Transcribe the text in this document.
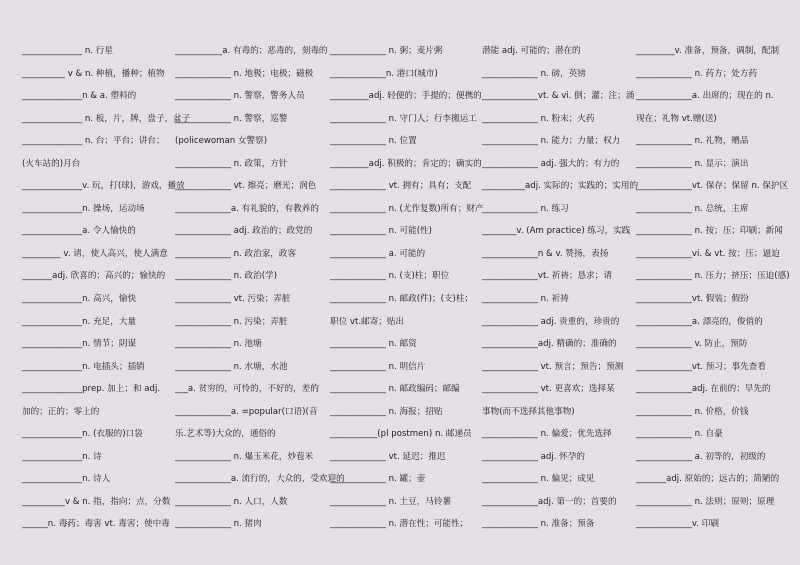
______________ n. 行星
__________ v & n. 种植，播种；植物
______________n & a. 塑料的
______________ n. 板，片，牌，盘子，盆子
______________ n. 台；平台；讲台；
(火车站的)月台
______________v. 玩，打(球)，游戏，播放
______________n. 操场，运动场
______________a. 令人愉快的
_________ v. 请，使人高兴，使人满意
_______adj. 欣喜的；高兴的；愉快的
______________n. 高兴，愉快
______________n. 充足，大量
______________n. 情节；阴谋
______________n. 电插头；插销
______________prep. 加上；和 adj.
加的；正的；零上的
______________n. (衣服的)口袋
______________n. 诗
______________n. 诗人
__________v & n. 指，指向；点，分数
______n. 毒药；毒害 vt. 毒害；使中毒
___________a. 有毒的；恶毒的，刻毒的
_____________ n. 地极；电极；磁极
_____________ n. 警察，警务人员
_____________ n. 警察，巡警
(policewoman 女警察)
_____________ n. 政策，方针
_____________ vt. 擦亮；磨光；润色
_____________a. 有礼貌的，有教养的
_____________ adj. 政治的；政党的
_____________ n. 政治家，政客
_____________ n. 政治(学)
_____________ vt. 污染；弄脏
_____________ n. 污染；弄脏
_____________ n. 池塘
_____________ n. 水塘，水池
___a. 贫穷的，可怜的，不好的，差的
_____________a. =popular(口语)(音
乐.艺术等)大众的，通俗的
_____________ n. 爆玉米花，炒苞米
_____________a. 流行的，大众的，受欢迎的
_____________ n. 人口，人数
_____________ n. 猪肉
_____________ n. 粥；麦片粥
_____________n. 港口(城市)
_________adj. 轻便的；手提的；便携的
_____________ n. 守门人；行李搬运工
_____________ n. 位置
_________adj. 积极的；肯定的；确实的
_____________ vt. 拥有；具有；支配
_____________ n. (尤作复数)所有；财产
_____________ n. 可能(性)
_____________ a. 可能的
_____________ n. (支)柱；职位
_____________ n. 邮政(件)；(支)柱；
职位 vt.邮寄；贴出
_____________ n. 邮资
_____________ n. 明信片
_____________ n. 邮政编码；邮编
_____________ n. 海报；招贴
___________(pl postmen) n. 邮递员
_____________ vt. 延迟；推迟
_____________ n. 罐；壶
_____________ n. 土豆，马铃薯
_____________ n. 潜在性；可能性；
潜能 adj. 可能的；潜在的
_____________ n. 磅，英镑
_____________vt. & vi. 倒；灌；注；涌
_____________ n. 粉末；火药
_____________ n. 能力；力量；权力
_____________ adj. 强大的；有力的
__________adj. 实际的；实践的；实用的
_____________ n. 练习
________v. (Am practice) 练习，实践
_____________n & v. 赞扬，表扬
_____________vt. 祈祷；恳求；请
_____________ n. 祈祷
_____________ adj. 贵重的，珍贵的
_____________adj. 精确的；准确的
_____________ vt. 预言；预告；预测
_____________ vt. 更喜欢；选择某
事物(而不选择其他事物)
_____________ n. 偏爱；优先选择
_____________ adj. 怀孕的
_____________ n. 偏见；成见
_____________adj. 第一的；首要的
_____________ n. 准备；预备
_________v. 准备，预备，调制，配制
_____________ n. 药方；处方药
_____________a. 出席的；现在的 n.
现在；礼物 vt.赠(送)
_____________ n. 礼物，赠品
_____________ n. 显示；演出
_____________vt. 保存；保留 n. 保护区
_____________ n. 总统，主席
_____________ n. 按；压；印刷；新闻
_____________vi. & vt. 按；压；逼迫
_____________ n. 压力；挤压；压迫(感)
_____________vt. 假装；假扮
_____________a. 漂亮的，俊俏的
_____________ v. 防止，预防
_____________vt. 预习；事先查看
_____________adj. 在前的；早先的
_____________ n. 价格，价钱
_____________ n. 自豪
_____________ a. 初等的，初级的
_______adj. 原始的；远古的；简陋的
_____________ n. 法则；原则；原理
_____________v. 印刷
